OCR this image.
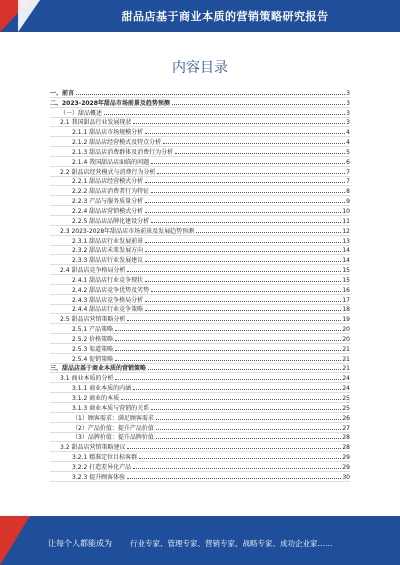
甜品店基于商业本质的营销策略研究报告
内容目录
一、前言	3
二、2023-2028年甜品市场前景及趋势预测	3
（一）甜品概述	3
2.1 我国甜品行业发展现状	3
2.1.1 甜品店市场规模分析	4
2.1.2 甜品店经营模式及特点分析	4
2.1.3 甜品店消费群体及消费行为分析	5
2.1.4 我国甜品店面临的问题	6
2.2 甜品店经营模式与消费行为分析	7
2.2.1 甜品店经营模式分析	7
2.2.2 甜品店消费者行为特征	8
2.2.3 产品与服务质量分析	9
2.2.4 甜品店营销模式分析	10
2.2.5 甜品店品牌化建设分析	11
2.3 2023-2028年甜品店市场前景及发展趋势预测	12
2.3.1 甜品店行业发展前景	13
2.3.2 甜品店未来发展方向	14
2.3.3 甜品店行业发展建议	14
2.4 甜品店竞争格局分析	15
2.4.1 甜品店行业竞争现状	15
2.4.2 甜品店竞争优势及劣势	16
2.4.3 甜品店竞争格局分析	17
2.4.4 甜品店行业竞争策略	18
2.5 甜品店营销策略分析	19
2.5.1 产品策略	20
2.5.2 价格策略	20
2.5.3 渠道策略	21
2.5.4 促销策略	21
三、甜品店基于商业本质的营销策略	21
3.1 商业本质的分析	24
3.1.1 商业本质的内涵	24
3.1.2 商业的本质	25
3.1.3 商业本质与营销的关系	25
（1）顾客需求：满足顾客需求	26
（2）产品价值：提升产品价值	27
（3）品牌价值：提升品牌价值	28
3.2 甜品店营销策略建议	28
3.2.1 精准定位目标客群	29
3.2.2 打造差异化产品	29
3.2.3 提升顾客体验	30
让每个人都能成为 行业专家、管理专家、营销专家、战略专家、成功企业家……
